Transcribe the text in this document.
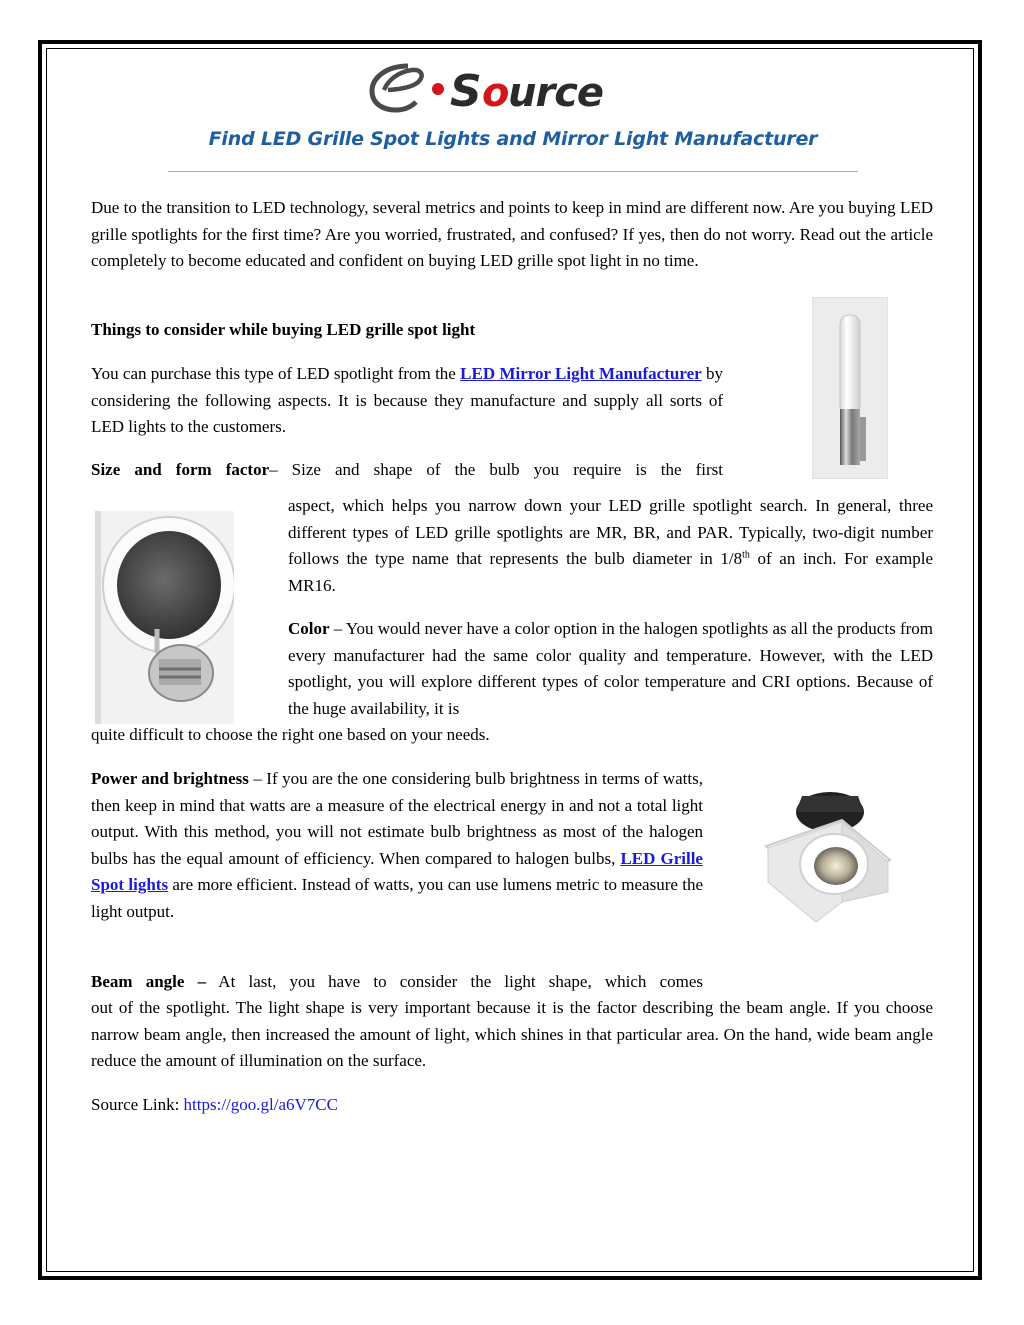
S o
urce
Find LED Grille Spot Lights and Mirror Light Manufacturer

Due to the transition to LED technology, several metrics and points to keep in mind are different now. Are you buying LED grille spotlights for the first time? Are you worried, frustrated, and confused? If yes, then do not worry. Read out the article completely to become educated and confident on buying LED grille spot light in no time.

Things to consider while buying LED grille spot light

You can purchase this type of LED spotlight from the LED Mirror Light Manufacturer by considering the following aspects. It is because they manufacture and supply all sorts of LED lights to the customers.

Size and form factor– Size and shape of the bulb you require is the first

aspect, which helps you narrow down your LED grille spotlight search. In general, three different types of LED grille spotlights are MR, BR, and PAR. Typically, two-digit number follows the type name that represents the bulb diameter in 1/8th of an inch. For example MR16.

Color – You would never have a color option in the halogen spotlights as all the products from every manufacturer had the same color quality and temperature. However, with the LED spotlight, you will explore different types of color temperature and CRI options. Because of the huge availability, it is

quite difficult to choose the right one based on your needs.

Power and brightness – If you are the one considering bulb brightness in terms of watts, then keep in mind that watts are a measure of the electrical energy in and not a total light output. With this method, you will not estimate bulb brightness as most of the halogen bulbs has the equal amount of efficiency. When compared to halogen bulbs, LED Grille Spot lights are more efficient. Instead of watts, you can use lumens metric to measure the light output.

Beam angle – At last, you have to consider the light shape, which comes

out of the spotlight. The light shape is very important because it is the factor describing the beam angle. If you choose narrow beam angle, then increased the amount of light, which shines in that particular area. On the hand, wide beam angle reduce the amount of illumination on the surface.

Source Link: https://goo.gl/a6V7CC
